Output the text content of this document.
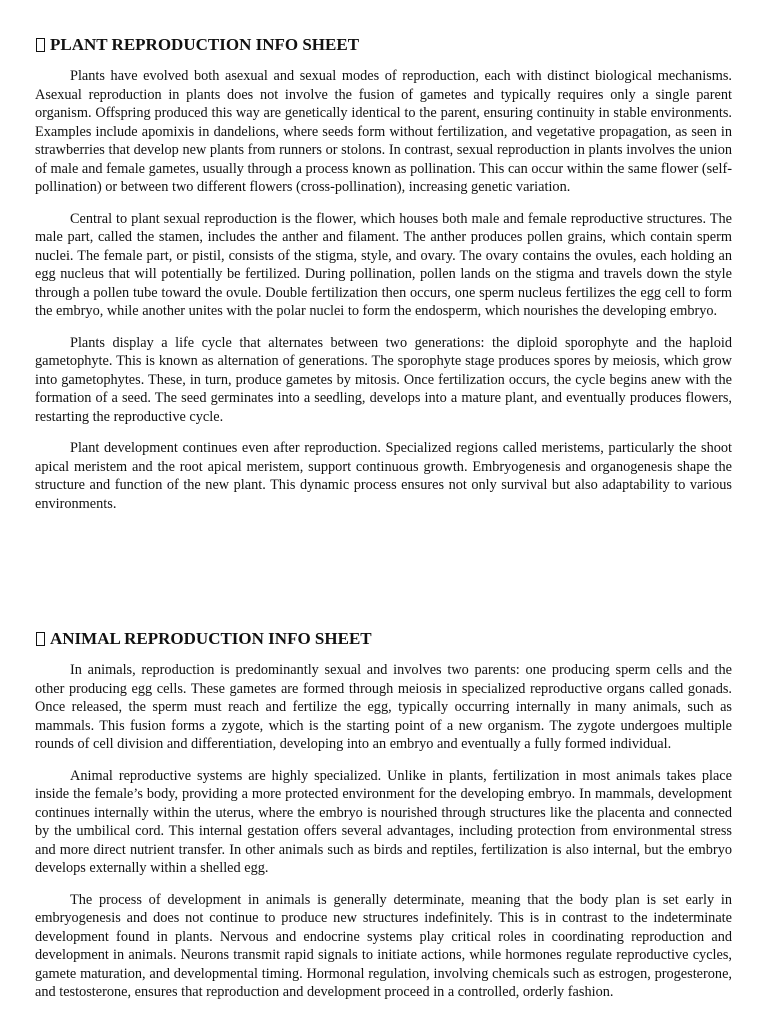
PLANT REPRODUCTION INFO SHEET

Plants have evolved both asexual and sexual modes of reproduction, each with distinct biological mechanisms. Asexual reproduction in plants does not involve the fusion of gametes and typically requires only a single parent organism. Offspring produced this way are genetically identical to the parent, ensuring continuity in stable environments. Examples include apomixis in dandelions, where seeds form without fertilization, and vegetative propagation, as seen in strawberries that develop new plants from runners or stolons. In contrast, sexual reproduction in plants involves the union of male and female gametes, usually through a process known as pollination. This can occur within the same flower (self-pollination) or between two different flowers (cross-pollination), increasing genetic variation.

Central to plant sexual reproduction is the flower, which houses both male and female reproductive structures. The male part, called the stamen, includes the anther and filament. The anther produces pollen grains, which contain sperm nuclei. The female part, or pistil, consists of the stigma, style, and ovary. The ovary contains the ovules, each holding an egg nucleus that will potentially be fertilized. During pollination, pollen lands on the stigma and travels down the style through a pollen tube toward the ovule. Double fertilization then occurs, one sperm nucleus fertilizes the egg cell to form the embryo, while another unites with the polar nuclei to form the endosperm, which nourishes the developing embryo.

Plants display a life cycle that alternates between two generations: the diploid sporophyte and the haploid gametophyte. This is known as alternation of generations. The sporophyte stage produces spores by meiosis, which grow into gametophytes. These, in turn, produce gametes by mitosis. Once fertilization occurs, the cycle begins anew with the formation of a seed. The seed germinates into a seedling, develops into a mature plant, and eventually produces flowers, restarting the reproductive cycle.

Plant development continues even after reproduction. Specialized regions called meristems, particularly the shoot apical meristem and the root apical meristem, support continuous growth. Embryogenesis and organogenesis shape the structure and function of the new plant. This dynamic process ensures not only survival but also adaptability to various environments.

ANIMAL REPRODUCTION INFO SHEET

In animals, reproduction is predominantly sexual and involves two parents: one producing sperm cells and the other producing egg cells. These gametes are formed through meiosis in specialized reproductive organs called gonads. Once released, the sperm must reach and fertilize the egg, typically occurring internally in many animals, such as mammals. This fusion forms a zygote, which is the starting point of a new organism. The zygote undergoes multiple rounds of cell division and differentiation, developing into an embryo and eventually a fully formed individual.

Animal reproductive systems are highly specialized. Unlike in plants, fertilization in most animals takes place inside the female’s body, providing a more protected environment for the developing embryo. In mammals, development continues internally within the uterus, where the embryo is nourished through structures like the placenta and connected by the umbilical cord. This internal gestation offers several advantages, including protection from environmental stress and more direct nutrient transfer. In other animals such as birds and reptiles, fertilization is also internal, but the embryo develops externally within a shelled egg.

The process of development in animals is generally determinate, meaning that the body plan is set early in embryogenesis and does not continue to produce new structures indefinitely. This is in contrast to the indeterminate development found in plants. Nervous and endocrine systems play critical roles in coordinating reproduction and development in animals. Neurons transmit rapid signals to initiate actions, while hormones regulate reproductive cycles, gamete maturation, and developmental timing. Hormonal regulation, involving chemicals such as estrogen, progesterone, and testosterone, ensures that reproduction and development proceed in a controlled, orderly fashion.
